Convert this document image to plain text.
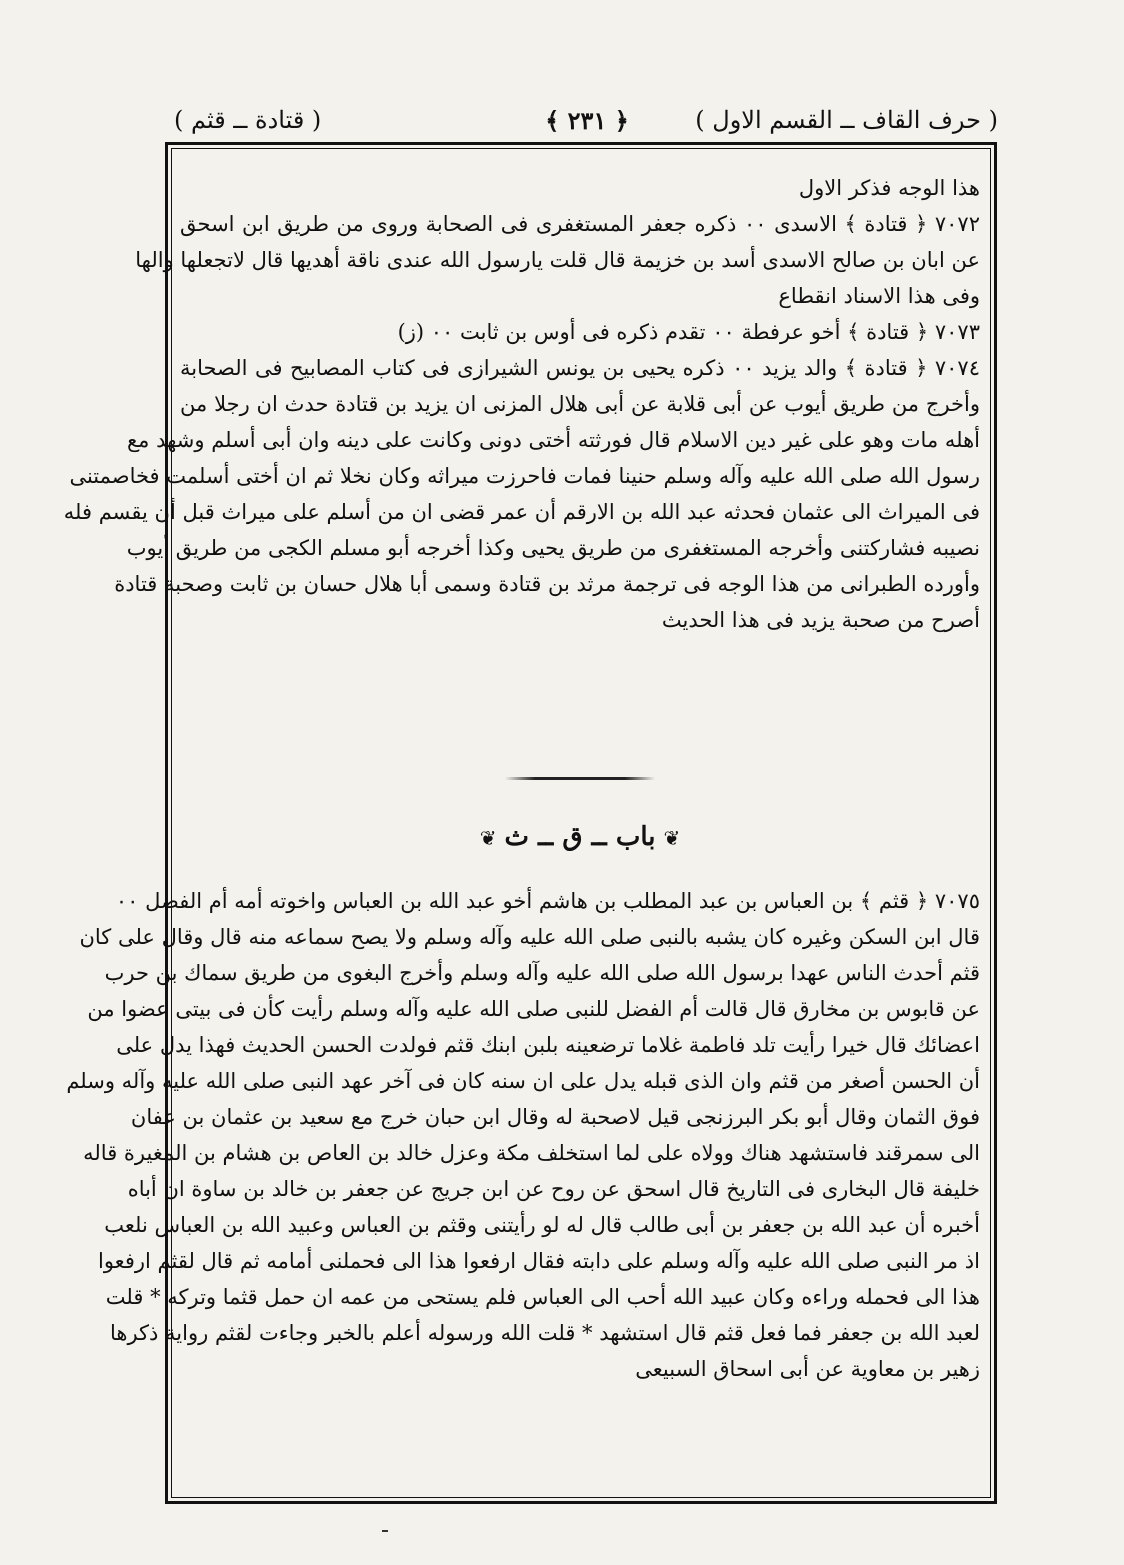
( حرف القاف ــ القسم الاول )
﴿ ٢٣١ ﴾
( قتادة ــ قثم )
هذا الوجه فذكر الاول
٧٠٧٢ ﴿ قتادة ﴾ الاسدى ٠٠ ذكره جعفر المستغفرى فى الصحابة وروى من طريق ابن اسحق
عن ابان بن صالح الاسدى أسد بن خزيمة قال قلت يارسول الله عندى ناقة أهديها قال لاتجعلها والها
وفى هذا الاسناد انقطاع
٧٠٧٣ ﴿ قتادة ﴾ أخو عرفطة ٠٠ تقدم ذكره فى أوس بن ثابت ٠٠ (ز)
٧٠٧٤ ﴿ قتادة ﴾ والد يزيد ٠٠ ذكره يحيى بن يونس الشيرازى فى كتاب المصابيح فى الصحابة
وأخرج من طريق أيوب عن أبى قلابة عن أبى هلال المزنى ان يزيد بن قتادة حدث ان رجلا من
أهله مات وهو على غير دين الاسلام قال فورثته أختى دونى وكانت على دينه وان أبى أسلم وشهد مع
رسول الله صلى الله عليه وآله وسلم حنينا فمات فاحرزت ميراثه وكان نخلا ثم ان أختى أسلمت فخاصمتنى
فى الميراث الى عثمان فحدثه عبد الله بن الارقم أن عمر قضى ان من أسلم على ميراث قبل أن يقسم فله
نصيبه فشاركتنى وأخرجه المستغفرى من طريق يحيى وكذا أخرجه أبو مسلم الكجى من طريق أيوب
وأورده الطبرانى من هذا الوجه فى ترجمة مرثد بن قتادة وسمى أبا هلال حسان بن ثابت وصحبة قتادة
أصرح من صحبة يزيد فى هذا الحديث
❦باب ــ ق ــ ث❦
٧٠٧٥ ﴿ قثم ﴾ بن العباس بن عبد المطلب بن هاشم أخو عبد الله بن العباس واخوته أمه أم الفضل ٠٠
قال ابن السكن وغيره كان يشبه بالنبى صلى الله عليه وآله وسلم ولا يصح سماعه منه قال وقال على كان
قثم أحدث الناس عهدا برسول الله صلى الله عليه وآله وسلم وأخرج البغوى من طريق سماك بن حرب
عن قابوس بن مخارق قال قالت أم الفضل للنبى صلى الله عليه وآله وسلم رأيت كأن فى بيتى عضوا من
اعضائك قال خيرا رأيت تلد فاطمة غلاما ترضعينه بلبن ابنك قثم فولدت الحسن الحديث فهذا يدل على
أن الحسن أصغر من قثم وان الذى قبله يدل على ان سنه كان فى آخر عهد النبى صلى الله عليه وآله وسلم
فوق الثمان وقال أبو بكر البرزنجى قيل لاصحبة له وقال ابن حبان خرج مع سعيد بن عثمان بن عفان
الى سمرقند فاستشهد هناك وولاه على لما استخلف مكة وعزل خالد بن العاص بن هشام بن المغيرة قاله
خليفة قال البخارى فى التاريخ قال اسحق عن روح عن ابن جريج عن جعفر بن خالد بن ساوة ان أباه
أخبره أن عبد الله بن جعفر بن أبى طالب قال له لو رأيتنى وقثم بن العباس وعبيد الله بن العباس نلعب
اذ مر النبى صلى الله عليه وآله وسلم على دابته فقال ارفعوا هذا الى فحملنى أمامه ثم قال لقثم ارفعوا
هذا الى فحمله وراءه وكان عبيد الله أحب الى العباس فلم يستحى من عمه ان حمل قثما وتركه * قلت
لعبد الله بن جعفر فما فعل قثم قال استشهد * قلت الله ورسوله أعلم بالخبر وجاءت لقثم رواية ذكرها
زهير بن معاوية عن أبى اسحاق السبيعى
